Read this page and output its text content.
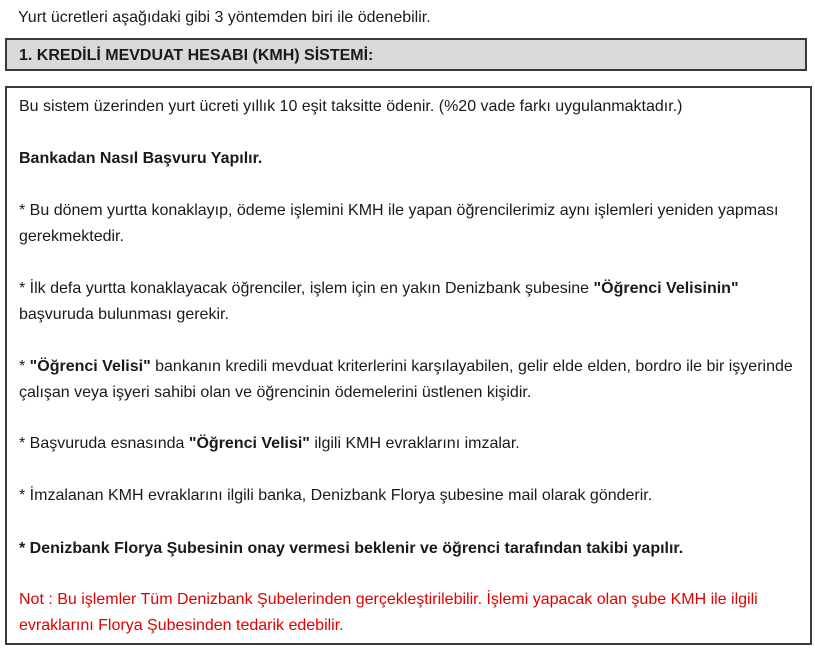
Yurt ücretleri aşağıdaki gibi 3 yöntemden biri ile ödenebilir.
1. KREDİLİ MEVDUAT HESABI (KMH) SİSTEMİ:

Bu sistem üzerinden yurt ücreti yıllık 10 eşit taksitte ödenir. (%20 vade farkı uygulanmaktadır.)

Bankadan Nasıl Başvuru Yapılır.

* Bu dönem yurtta konaklayıp, ödeme işlemini KMH ile yapan öğrencilerimiz aynı işlemleri yeniden yapması gerekmektedir.

* İlk defa yurtta konaklayacak öğrenciler, işlem için en yakın Denizbank şubesine "Öğrenci Velisinin" başvuruda bulunması gerekir.

* "Öğrenci Velisi" bankanın kredili mevduat kriterlerini karşılayabilen, gelir elde elden, bordro ile bir işyerinde çalışan veya işyeri sahibi olan ve öğrencinin ödemelerini üstlenen kişidir.

* Başvuruda esnasında "Öğrenci Velisi" ilgili KMH evraklarını imzalar.

* İmzalanan KMH evraklarını ilgili banka, Denizbank Florya şubesine mail olarak gönderir.

* Denizbank Florya Şubesinin onay vermesi beklenir ve öğrenci tarafından takibi yapılır.

Not : Bu işlemler Tüm Denizbank Şubelerinden gerçekleştirilebilir. İşlemi yapacak olan şube KMH ile ilgili evraklarını Florya Şubesinden tedarik edebilir.
